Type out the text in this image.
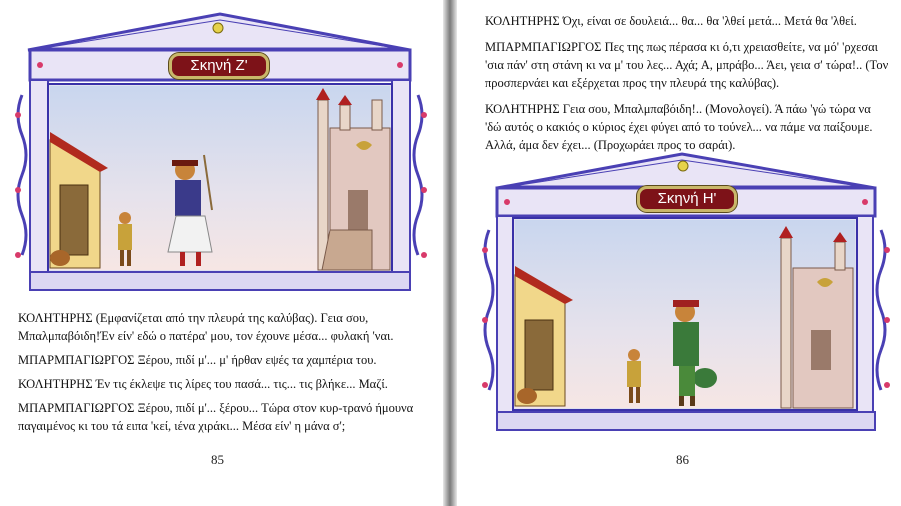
Σκηνή Ζ'

ΚΟΛΗΤΗΡΗΣ (Εμφανίζεται από την πλευρά της καλύβας). Γεια σου, Μπαλμπαβόιδη!Έν είν' εδώ ο πατέρα' μου, τον έχουνε μέσα... φυλακή 'ναι.

ΜΠΑΡΜΠΑΓΙΩΡΓΟΣ Ξέρου, πιδί μ'... μ' ήρθαν εψές τα χαμπέρια του.

ΚΟΛΗΤΗΡΗΣ Έν τις έκλεψε τις λίρες του πασά... τις... τις βλήκε... Μαζί.

ΜΠΑΡΜΠΑΓΙΩΡΓΟΣ Ξέρου, πιδί μ'... ξέρου... Τώρα στον κυρ-τρανό ήμουνα παγαιμένος κι του τά ειπα 'κεί, ιένα χιράκι... Μέσα είν' η μάνα σ';

85

ΚΟΛΗΤΗΡΗΣ Όχι, είναι σε δουλειά... θα... θα 'λθεί μετά... Μετά θα 'λθεί.

ΜΠΑΡΜΠΑΓΙΩΡΓΟΣ Πες της πως πέρασα κι ό,τι χρειασθείτε, να μό' 'ρχεσαι 'σια πάν' στη στάνη κι να μ' του λες... Αχά; Α, μπράβο... Άει, γεια σ' τώρα!.. (Τον προσπερνάει και εξέρχεται προς την πλευρά της καλύβας).

ΚΟΛΗΤΗΡΗΣ Γεια σου, Μπαλμπαβόιδη!.. (Μονολογεί). Ά πάω 'γώ τώρα να 'δώ αυτός ο κακιός ο κύριος έχει φύγει από το τούνελ... να πάμε να παίξουμε. Αλλά, άμα δεν έχει... (Προχωράει προς το σαράι).

Σκηνή Η'
86
